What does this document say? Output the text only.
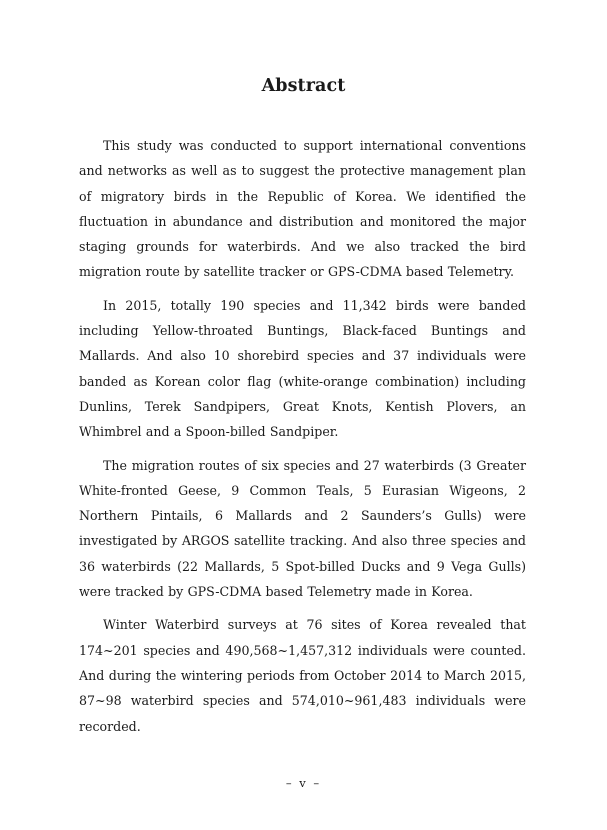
Abstract

This study was conducted to support international conventions and networks as well as to suggest the protective management plan of migratory birds in the Republic of Korea. We identified the fluctuation in abundance and distribution and monitored the major staging grounds for waterbirds. And we also tracked the bird migration route by satellite tracker or GPS-CDMA based Telemetry.

In 2015, totally 190 species and 11,342 birds were banded including Yellow-throated Buntings, Black-faced Buntings and Mallards. And also 10 shorebird species and 37 individuals were banded as Korean color flag (white-orange combination) including Dunlins, Terek Sandpipers, Great Knots, Kentish Plovers, an Whimbrel and a Spoon-billed Sandpiper.

The migration routes of six species and 27 waterbirds (3 Greater White-fronted Geese, 9 Common Teals, 5 Eurasian Wigeons, 2 Northern Pintails, 6 Mallards and 2 Saunders’s Gulls) were investigated by ARGOS satellite tracking. And also three species and 36 waterbirds (22 Mallards, 5 Spot-billed Ducks and 9 Vega Gulls) were tracked by GPS-CDMA based Telemetry made in Korea.

Winter Waterbird surveys at 76 sites of Korea revealed that 174~201 species and 490,568~1,457,312 individuals were counted. And during the wintering periods from October 2014 to March 2015, 87~98 waterbird species and 574,010~961,483 individuals were recorded.

– v –
